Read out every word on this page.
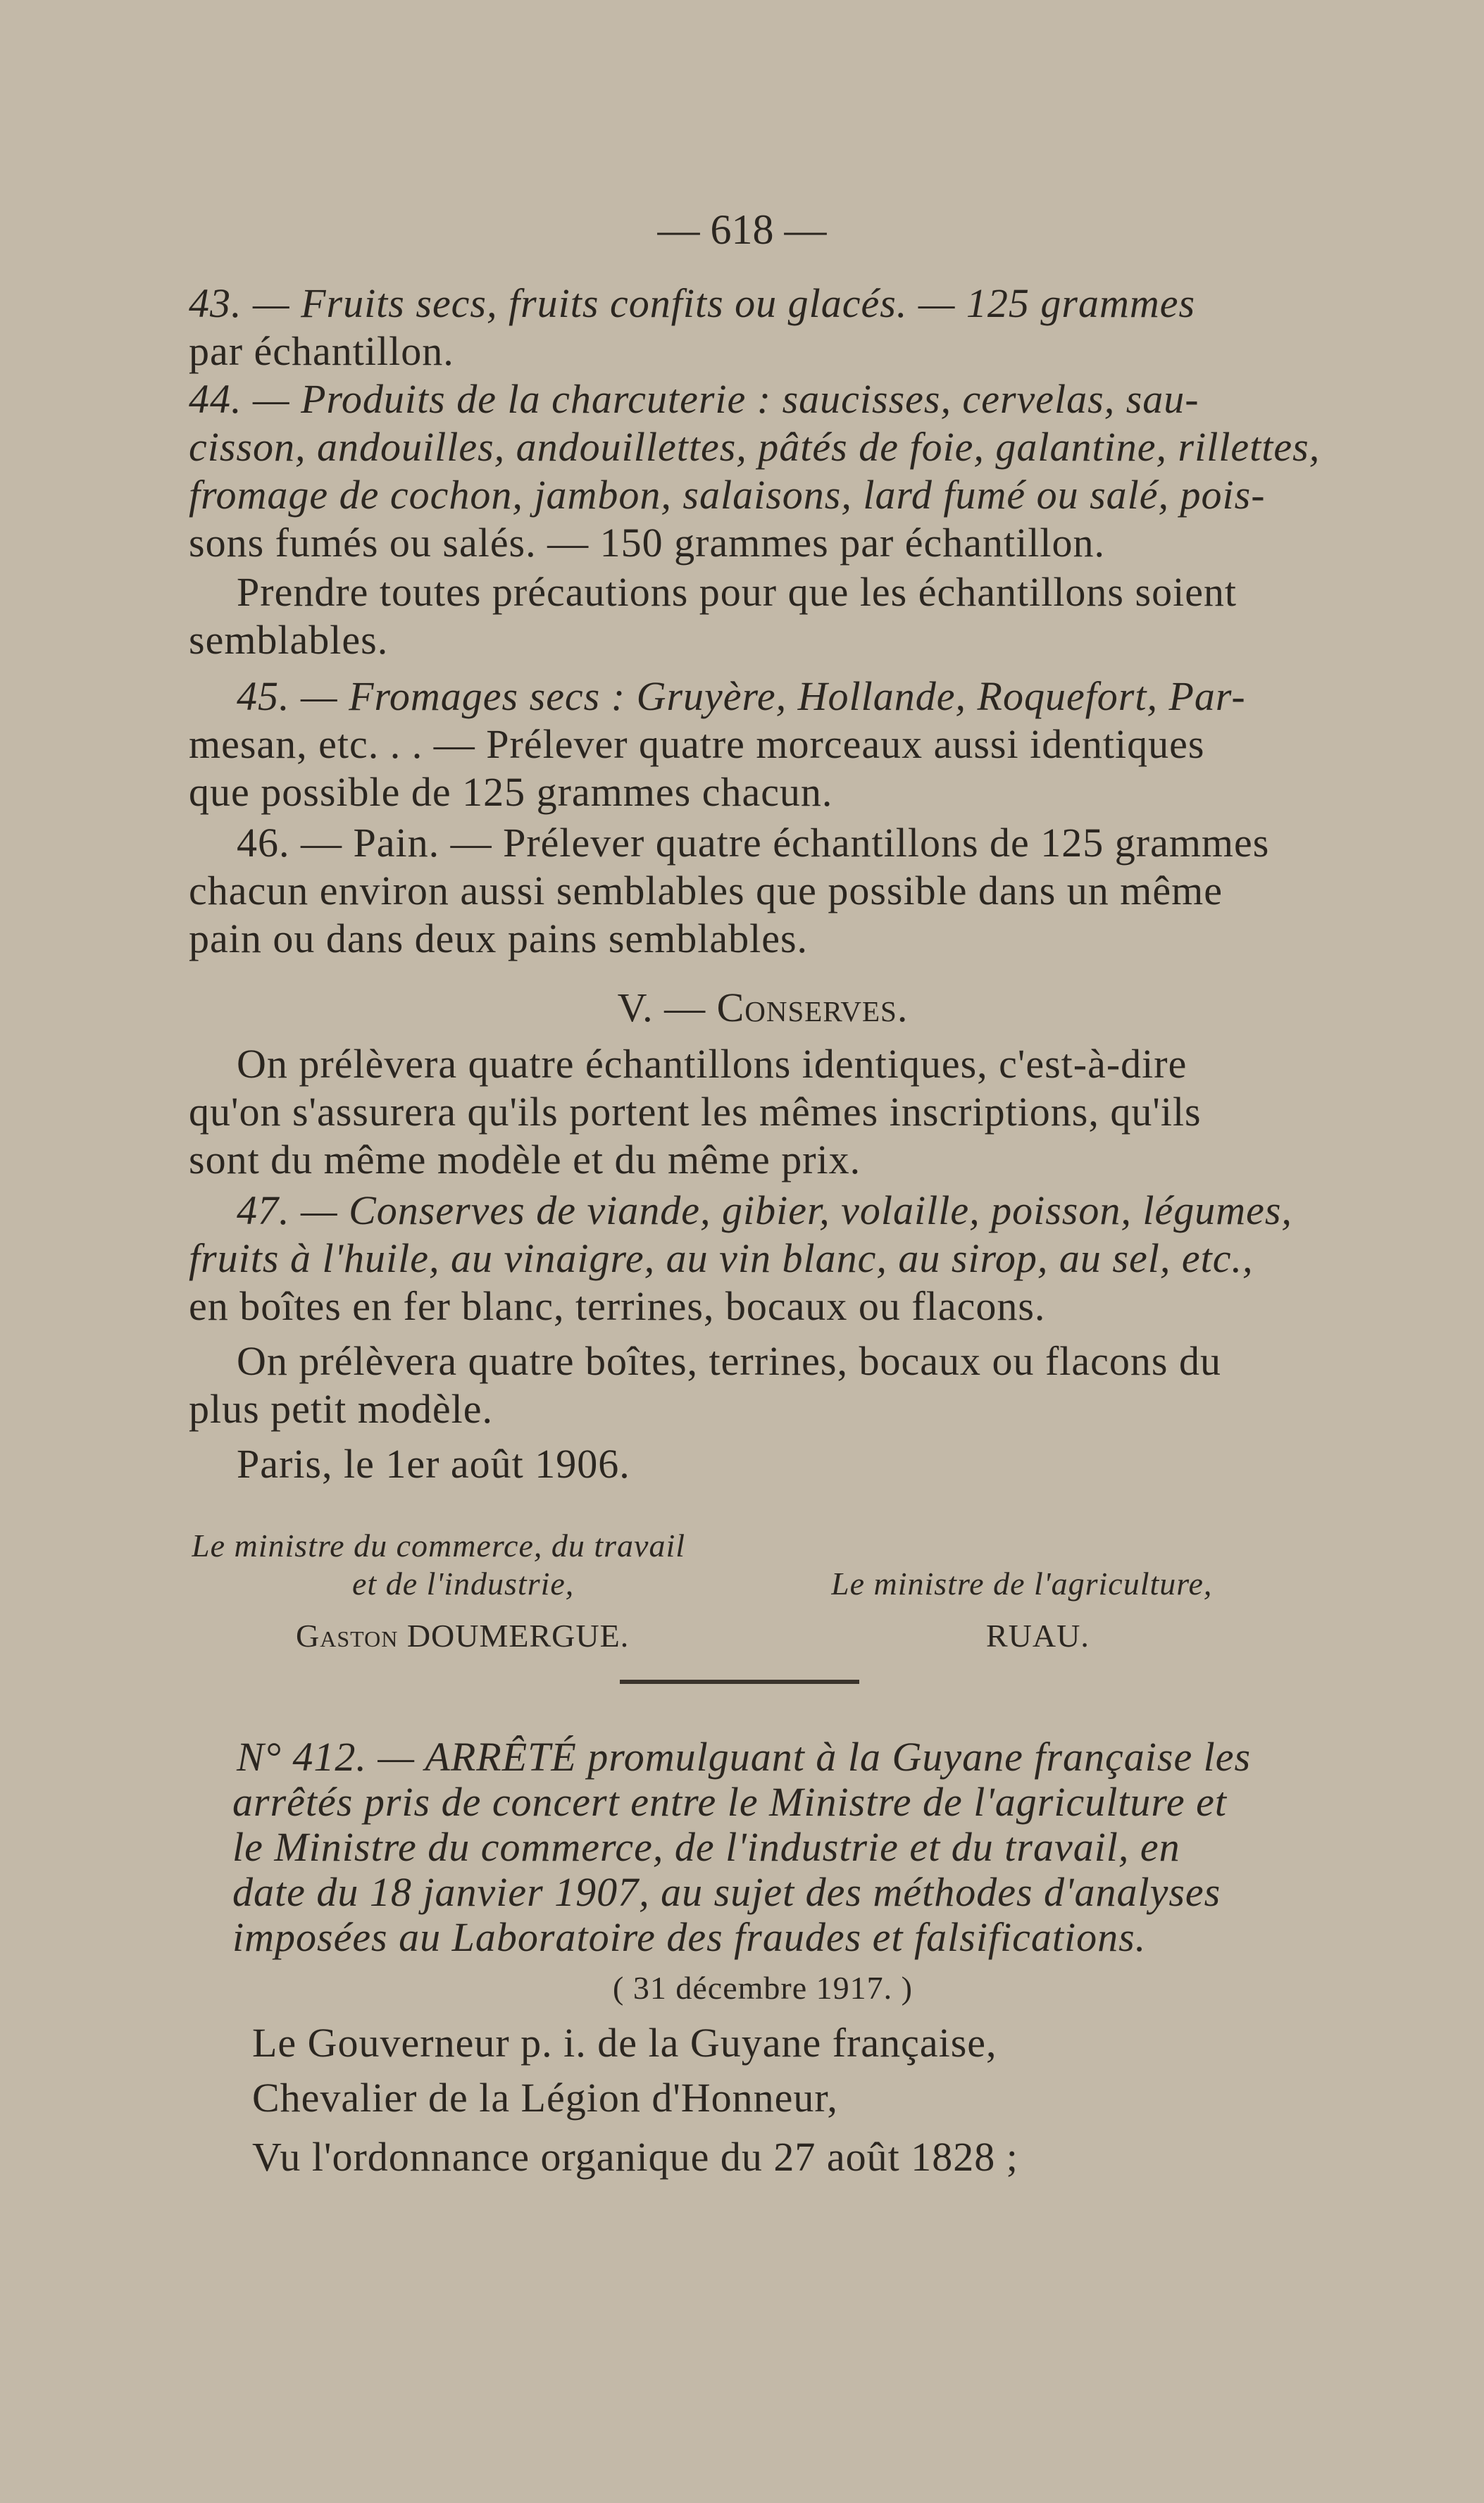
— 618 —
43. — Fruits secs, fruits confits ou glacés. — 125 grammes
par échantillon.
44. — Produits de la charcuterie : saucisses, cervelas, sau-
cisson, andouilles, andouillettes, pâtés de foie, galantine, rillettes,
fromage de cochon, jambon, salaisons, lard fumé ou salé, pois-
sons fumés ou salés. — 150 grammes par échantillon.
Prendre toutes précautions pour que les échantillons soient
semblables.
45. — Fromages secs : Gruyère, Hollande, Roquefort, Par-
mesan, etc. . . — Prélever quatre morceaux aussi identiques
que possible de 125 grammes chacun.
46. — Pain. — Prélever quatre échantillons de 125 grammes
chacun environ aussi semblables que possible dans un même
pain ou dans deux pains semblables.
V. — Conserves.
On prélèvera quatre échantillons identiques, c'est-à-dire
qu'on s'assurera qu'ils portent les mêmes inscriptions, qu'ils
sont du même modèle et du même prix.
47. — Conserves de viande, gibier, volaille, poisson, légumes,
fruits à l'huile, au vinaigre, au vin blanc, au sirop, au sel, etc.,
en boîtes en fer blanc, terrines, bocaux ou flacons.
On prélèvera quatre boîtes, terrines, bocaux ou flacons du
plus petit modèle.
Paris, le 1er août 1906.
Le ministre du commerce, du travail
et de l'industrie,	Le ministre de l'agriculture,
Gaston DOUMERGUE.	RUAU.
N° 412. — ARRÊTÉ promulguant à la Guyane française les
arrêtés pris de concert entre le Ministre de l'agriculture et
le Ministre du commerce, de l'industrie et du travail, en
date du 18 janvier 1907, au sujet des méthodes d'analyses
imposées au Laboratoire des fraudes et falsifications.
( 31 décembre 1917. )
Le Gouverneur p. i. de la Guyane française,
Chevalier de la Légion d'Honneur,
Vu l'ordonnance organique du 27 août 1828 ;
